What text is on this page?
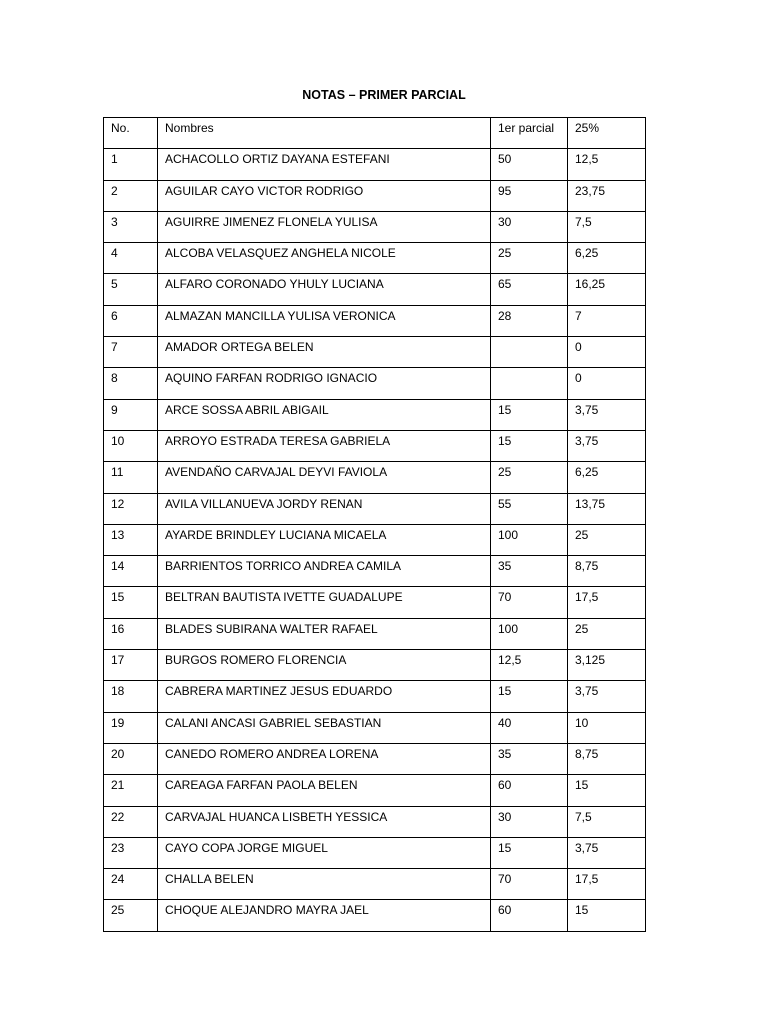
NOTAS – PRIMER PARCIAL
No.	Nombres	1er parcial	25%
1	ACHACOLLO ORTIZ DAYANA ESTEFANI	50	12,5
2	AGUILAR CAYO VICTOR RODRIGO	95	23,75
3	AGUIRRE JIMENEZ FLONELA YULISA	30	7,5
4	ALCOBA VELASQUEZ ANGHELA NICOLE	25	6,25
5	ALFARO CORONADO YHULY LUCIANA	65	16,25
6	ALMAZAN MANCILLA YULISA VERONICA	28	7
7	AMADOR ORTEGA BELEN		0
8	AQUINO FARFAN RODRIGO IGNACIO		0
9	ARCE SOSSA ABRIL ABIGAIL	15	3,75
10	ARROYO ESTRADA TERESA GABRIELA	15	3,75
11	AVENDAÑO CARVAJAL DEYVI FAVIOLA	25	6,25
12	AVILA VILLANUEVA JORDY RENAN	55	13,75
13	AYARDE BRINDLEY LUCIANA MICAELA	100	25
14	BARRIENTOS TORRICO ANDREA CAMILA	35	8,75
15	BELTRAN BAUTISTA IVETTE GUADALUPE	70	17,5
16	BLADES SUBIRANA WALTER RAFAEL	100	25
17	BURGOS ROMERO FLORENCIA	12,5	3,125
18	CABRERA MARTINEZ JESUS EDUARDO	15	3,75
19	CALANI ANCASI GABRIEL SEBASTIAN	40	10
20	CANEDO ROMERO ANDREA LORENA	35	8,75
21	CAREAGA FARFAN PAOLA BELEN	60	15
22	CARVAJAL HUANCA LISBETH YESSICA	30	7,5
23	CAYO COPA JORGE MIGUEL	15	3,75
24	CHALLA BELEN	70	17,5
25	CHOQUE ALEJANDRO MAYRA JAEL	60	15
